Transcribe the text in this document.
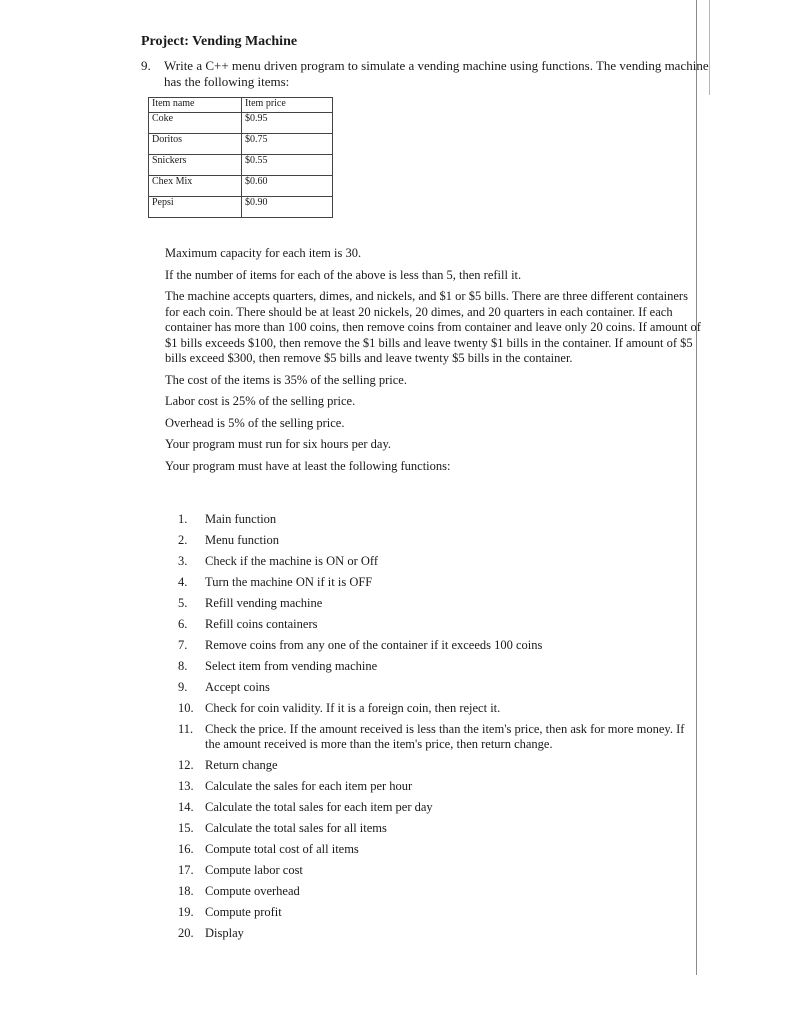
Project: Vending Machine
9. Write a C++ menu driven program to simulate a vending machine using functions. The vending machine has the following items:
Item name	Item price
Coke	$0.95
Doritos	$0.75
Snickers	$0.55
Chex Mix	$0.60
Pepsi	$0.90

Maximum capacity for each item is 30.

If the number of items for each of the above is less than 5, then refill it.

The machine accepts quarters, dimes, and nickels, and $1 or $5 bills. There are three different containers for each coin. There should be at least 20 nickels, 20 dimes, and 20 quarters in each container. If each container has more than 100 coins, then remove coins from container and leave only 20 coins. If amount of $1 bills exceeds $100, then remove the $1 bills and leave twenty $1 bills in the container. If amount of $5 bills exceed $300, then remove $5 bills and leave twenty $5 bills in the container.

The cost of the items is 35% of the selling price.

Labor cost is 25% of the selling price.

Overhead is 5% of the selling price.

Your program must run for six hours per day.

Your program must have at least the following functions:

1.	Main function
2.	Menu function
3.	Check if the machine is ON or Off
4.	Turn the machine ON if it is OFF
5.	Refill vending machine
6.	Refill coins containers
7.	Remove coins from any one of the container if it exceeds 100 coins
8.	Select item from vending machine
9.	Accept coins
10. Check for coin validity. If it is a foreign coin, then reject it.
11. Check the price. If the amount received is less than the item's price, then ask for more money. If the amount received is more than the item's price, then return change.
12. Return change
13. Calculate the sales for each item per hour
14. Calculate the total sales for each item per day
15. Calculate the total sales for all items
16. Compute total cost of all items
17. Compute labor cost
18. Compute overhead
19. Compute profit
20. Display
